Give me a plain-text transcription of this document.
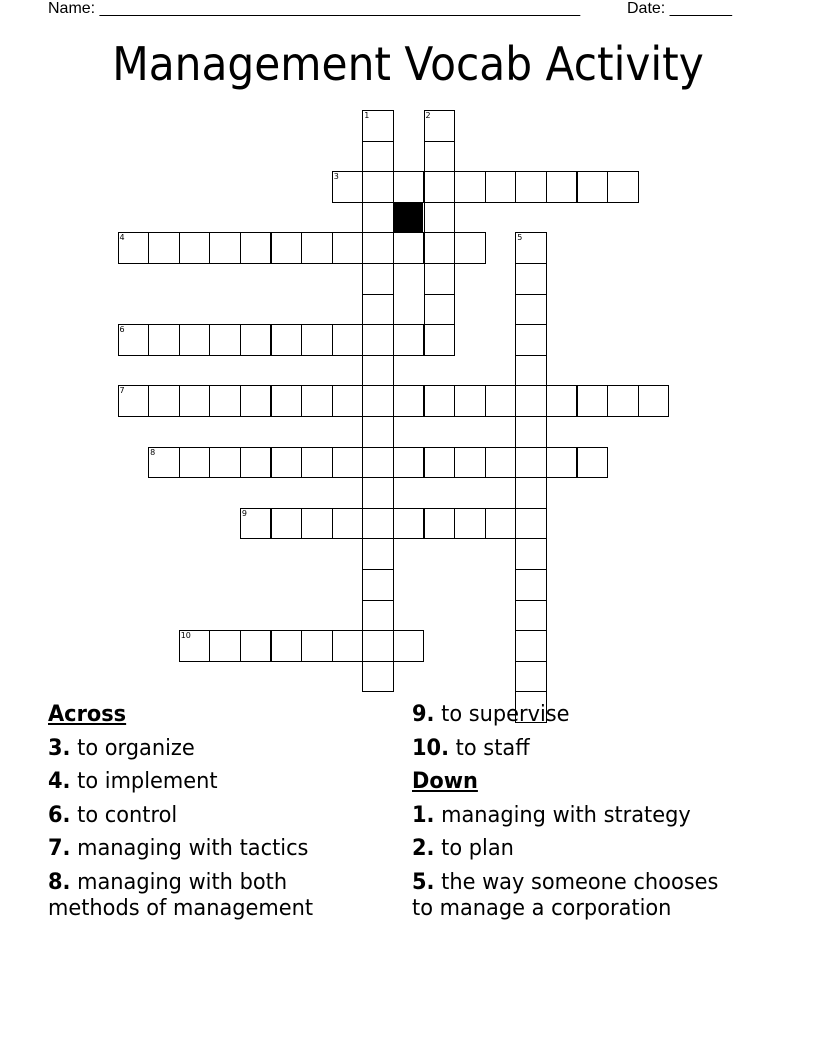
Name: ______________________________________________________	Date: _______
Management Vocab Activity
1	2
3
4	5
6
7
8
9
10
Across
3. to organize
4. to implement
6. to control
7. managing with tactics
8. managing with both methods of management
9. to supervise
10. to staff
Down
1. managing with strategy
2. to plan
5. the way someone chooses to manage a corporation
